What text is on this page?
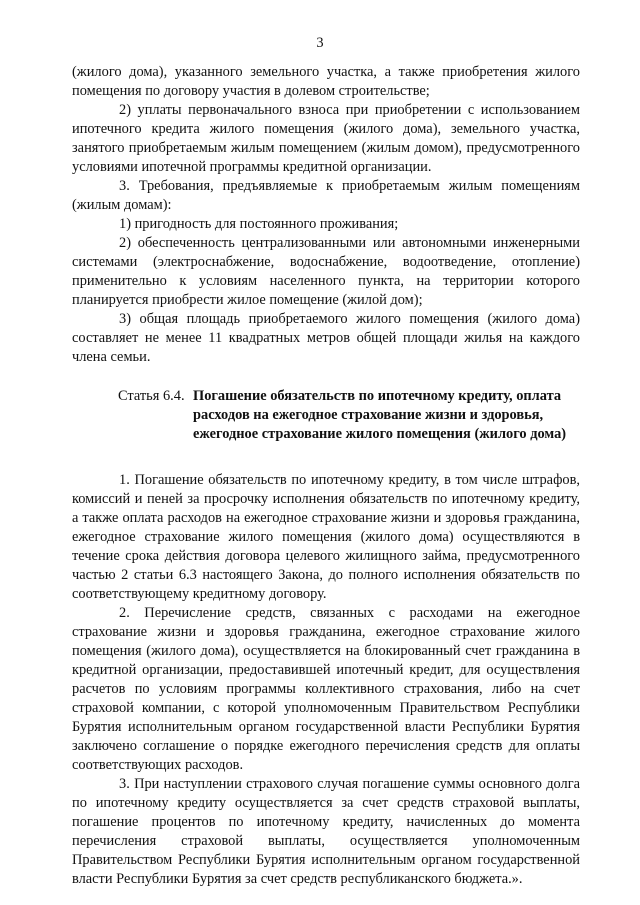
3

(жилого дома), указанного земельного участка, а также приобретения жилого помещения по договору участия в долевом строительстве;

2) уплаты первоначального взноса при приобретении с использованием ипотечного кредита жилого помещения (жилого дома), земельного участка, занятого приобретаемым жилым помещением (жилым домом), предусмотренного условиями ипотечной программы кредитной организации.

3. Требования, предъявляемые к приобретаемым жилым помещениям (жилым домам):

1) пригодность для постоянного проживания;

2) обеспеченность централизованными или автономными инженерными системами (электроснабжение, водоснабжение, водоотведение, отопление) применительно к условиям населенного пункта, на территории которого планируется приобрести жилое помещение (жилой дом);

3) общая площадь приобретаемого жилого помещения (жилого дома) составляет не менее 11 квадратных метров общей площади жилья на каждого члена семьи.

Статья 6.4. Погашение обязательств по ипотечному кредиту, оплата расходов на ежегодное страхование жизни и здоровья, ежегодное страхование жилого помещения (жилого дома)

1. Погашение обязательств по ипотечному кредиту, в том числе штрафов, комиссий и пеней за просрочку исполнения обязательств по ипотечному кредиту, а также оплата расходов на ежегодное страхование жизни и здоровья гражданина, ежегодное страхование жилого помещения (жилого дома) осуществляются в течение срока действия договора целевого жилищного займа, предусмотренного частью 2 статьи 6.3 настоящего Закона, до полного исполнения обязательств по соответствующему кредитному договору.

2. Перечисление средств, связанных с расходами на ежегодное страхование жизни и здоровья гражданина, ежегодное страхование жилого помещения (жилого дома), осуществляется на блокированный счет гражданина в кредитной организации, предоставившей ипотечный кредит, для осуществления расчетов по условиям программы коллективного страхования, либо на счет страховой компании, с которой уполномоченным Правительством Республики Бурятия исполнительным органом государственной власти Республики Бурятия заключено соглашение о порядке ежегодного перечисления средств для оплаты соответствующих расходов.

3. При наступлении страхового случая погашение суммы основного долга по ипотечному кредиту осуществляется за счет средств страховой выплаты, погашение процентов по ипотечному кредиту, начисленных до момента перечисления страховой выплаты, осуществляется уполномоченным Правительством Республики Бурятия исполнительным органом государственной власти Республики Бурятия за счет средств республиканского бюджета.».
